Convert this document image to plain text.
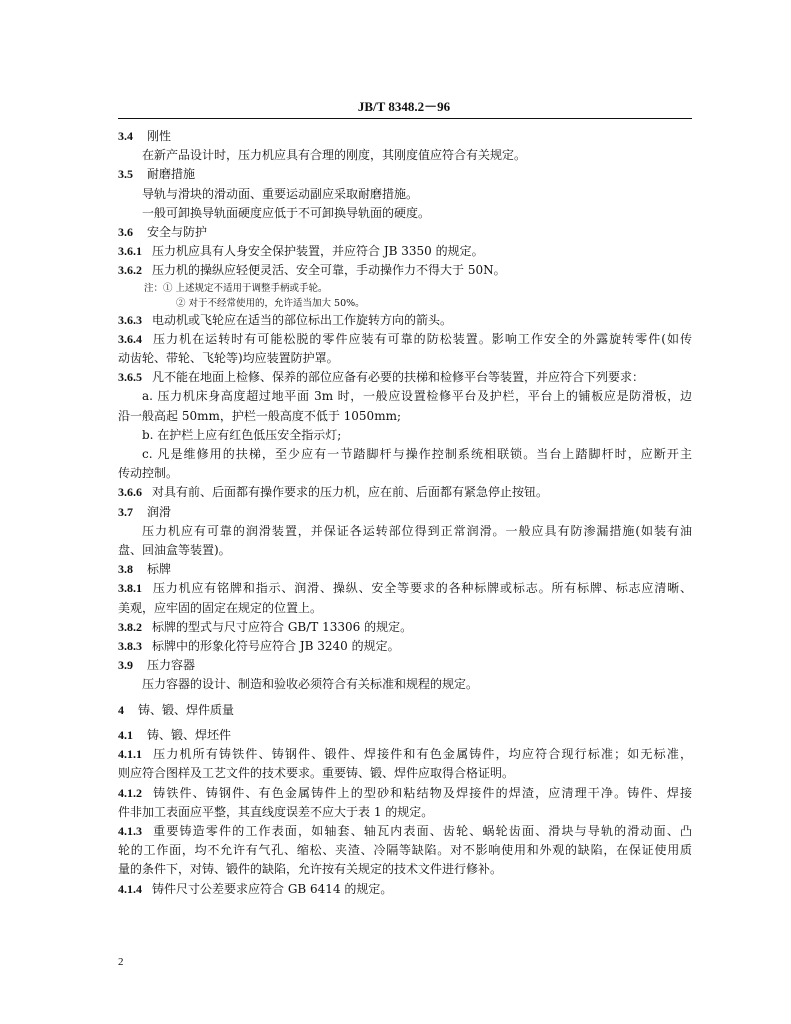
JB/T 8348.2－96

3.4 刚性

在新产品设计时，压力机应具有合理的刚度，其刚度值应符合有关规定。

3.5 耐磨措施

导轨与滑块的滑动面、重要运动副应采取耐磨措施。

一般可卸换导轨面硬度应低于不可卸换导轨面的硬度。

3.6 安全与防护

3.6.1 压力机应具有人身安全保护装置，并应符合 JB 3350 的规定。

3.6.2 压力机的操纵应轻便灵活、安全可靠，手动操作力不得大于 50N。

注：① 上述规定不适用于调整手柄或手轮。

② 对于不经常使用的，允许适当加大 50%。

3.6.3 电动机或飞轮应在适当的部位标出工作旋转方向的箭头。

3.6.4 压力机在运转时有可能松脱的零件应装有可靠的防松装置。影响工作安全的外露旋转零件(如传

动齿轮、带轮、飞轮等)均应装置防护罩。

3.6.5 凡不能在地面上检修、保养的部位应备有必要的扶梯和检修平台等装置，并应符合下列要求：

a. 压力机床身高度超过地平面 3m 时，一般应设置检修平台及护栏，平台上的铺板应是防滑板，边

沿一般高起 50mm，护栏一般高度不低于 1050mm;

b. 在护栏上应有红色低压安全指示灯;

c. 凡是维修用的扶梯，至少应有一节踏脚杆与操作控制系统相联锁。当台上踏脚杆时，应断开主

传动控制。

3.6.6 对具有前、后面都有操作要求的压力机，应在前、后面都有紧急停止按钮。

3.7 润滑

压力机应有可靠的润滑装置，并保证各运转部位得到正常润滑。一般应具有防渗漏措施(如装有油

盘、回油盒等装置)。

3.8 标牌

3.8.1 压力机应有铭牌和指示、润滑、操纵、安全等要求的各种标牌或标志。所有标牌、标志应清晰、

美观，应牢固的固定在规定的位置上。

3.8.2 标牌的型式与尺寸应符合 GB/T 13306 的规定。

3.8.3 标牌中的形象化符号应符合 JB 3240 的规定。

3.9 压力容器

压力容器的设计、制造和验收必须符合有关标准和规程的规定。

4 铸、锻、焊件质量

4.1 铸、锻、焊坯件

4.1.1 压力机所有铸铁件、铸钢件、锻件、焊接件和有色金属铸件，均应符合现行标准；如无标准，

则应符合图样及工艺文件的技术要求。重要铸、锻、焊件应取得合格证明。

4.1.2 铸铁件、铸钢件、有色金属铸件上的型砂和粘结物及焊接件的焊渣，应清理干净。铸件、焊接

件非加工表面应平整，其直线度误差不应大于表 1 的规定。

4.1.3 重要铸造零件的工作表面，如轴套、轴瓦内表面、齿轮、蜗轮齿面、滑块与导轨的滑动面、凸

轮的工作面，均不允许有气孔、缩松、夹渣、冷隔等缺陷。对不影响使用和外观的缺陷，在保证使用质

量的条件下，对铸、锻件的缺陷，允许按有关规定的技术文件进行修补。

4.1.4 铸件尺寸公差要求应符合 GB 6414 的规定。

2
